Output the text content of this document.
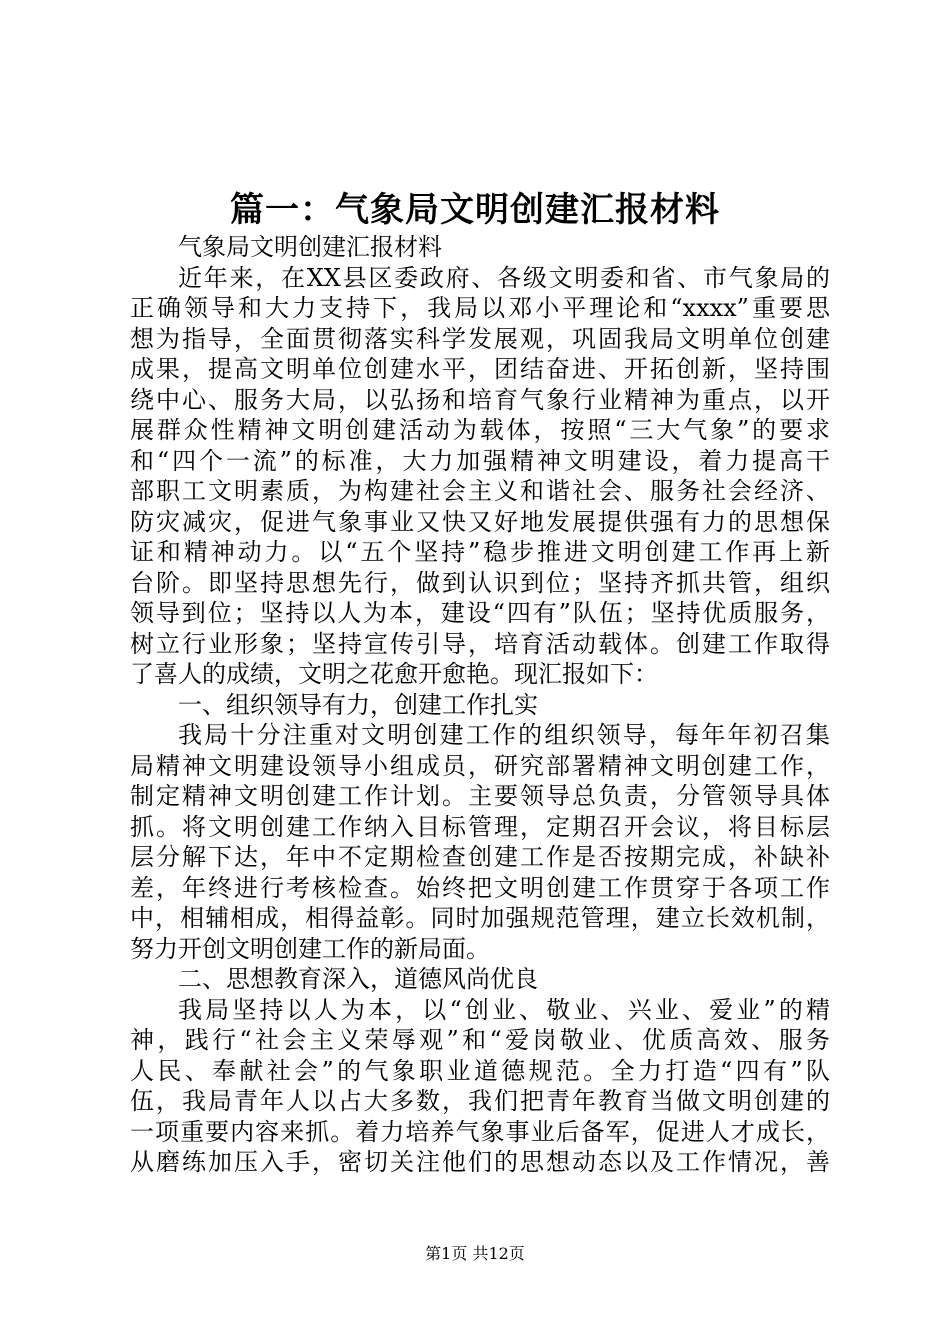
篇一：气象局文明创建汇报材料
气象局文明创建汇报材料
近年来，在XX县区委政府、各级文明委和省、市气象局的
正确领导和大力支持下，我局以邓小平理论和“xxxx”重要思
想为指导，全面贯彻落实科学发展观，巩固我局文明单位创建
成果，提高文明单位创建水平，团结奋进、开拓创新，坚持围
绕中心、服务大局，以弘扬和培育气象行业精神为重点，以开
展群众性精神文明创建活动为载体，按照“三大气象”的要求
和“四个一流”的标准，大力加强精神文明建设，着力提高干
部职工文明素质，为构建社会主义和谐社会、服务社会经济、
防灾减灾，促进气象事业又快又好地发展提供强有力的思想保
证和精神动力。以“五个坚持”稳步推进文明创建工作再上新
台阶。即坚持思想先行，做到认识到位；坚持齐抓共管，组织
领导到位；坚持以人为本，建设“四有”队伍；坚持优质服务，
树立行业形象；坚持宣传引导，培育活动载体。创建工作取得
了喜人的成绩，文明之花愈开愈艳。现汇报如下：
一、组织领导有力，创建工作扎实
我局十分注重对文明创建工作的组织领导，每年年初召集
局精神文明建设领导小组成员，研究部署精神文明创建工作，
制定精神文明创建工作计划。主要领导总负责，分管领导具体
抓。将文明创建工作纳入目标管理，定期召开会议，将目标层
层分解下达，年中不定期检查创建工作是否按期完成，补缺补
差，年终进行考核检查。始终把文明创建工作贯穿于各项工作
中，相辅相成，相得益彰。同时加强规范管理，建立长效机制，
努力开创文明创建工作的新局面。
二、思想教育深入，道德风尚优良
我局坚持以人为本，以“创业、敬业、兴业、爱业”的精
神，践行“社会主义荣辱观”和“爱岗敬业、优质高效、服务
人民、奉献社会”的气象职业道德规范。全力打造“四有”队
伍，我局青年人以占大多数，我们把青年教育当做文明创建的
一项重要内容来抓。着力培养气象事业后备军，促进人才成长，
从磨练加压入手，密切关注他们的思想动态以及工作情况，善
第1页 共12页
